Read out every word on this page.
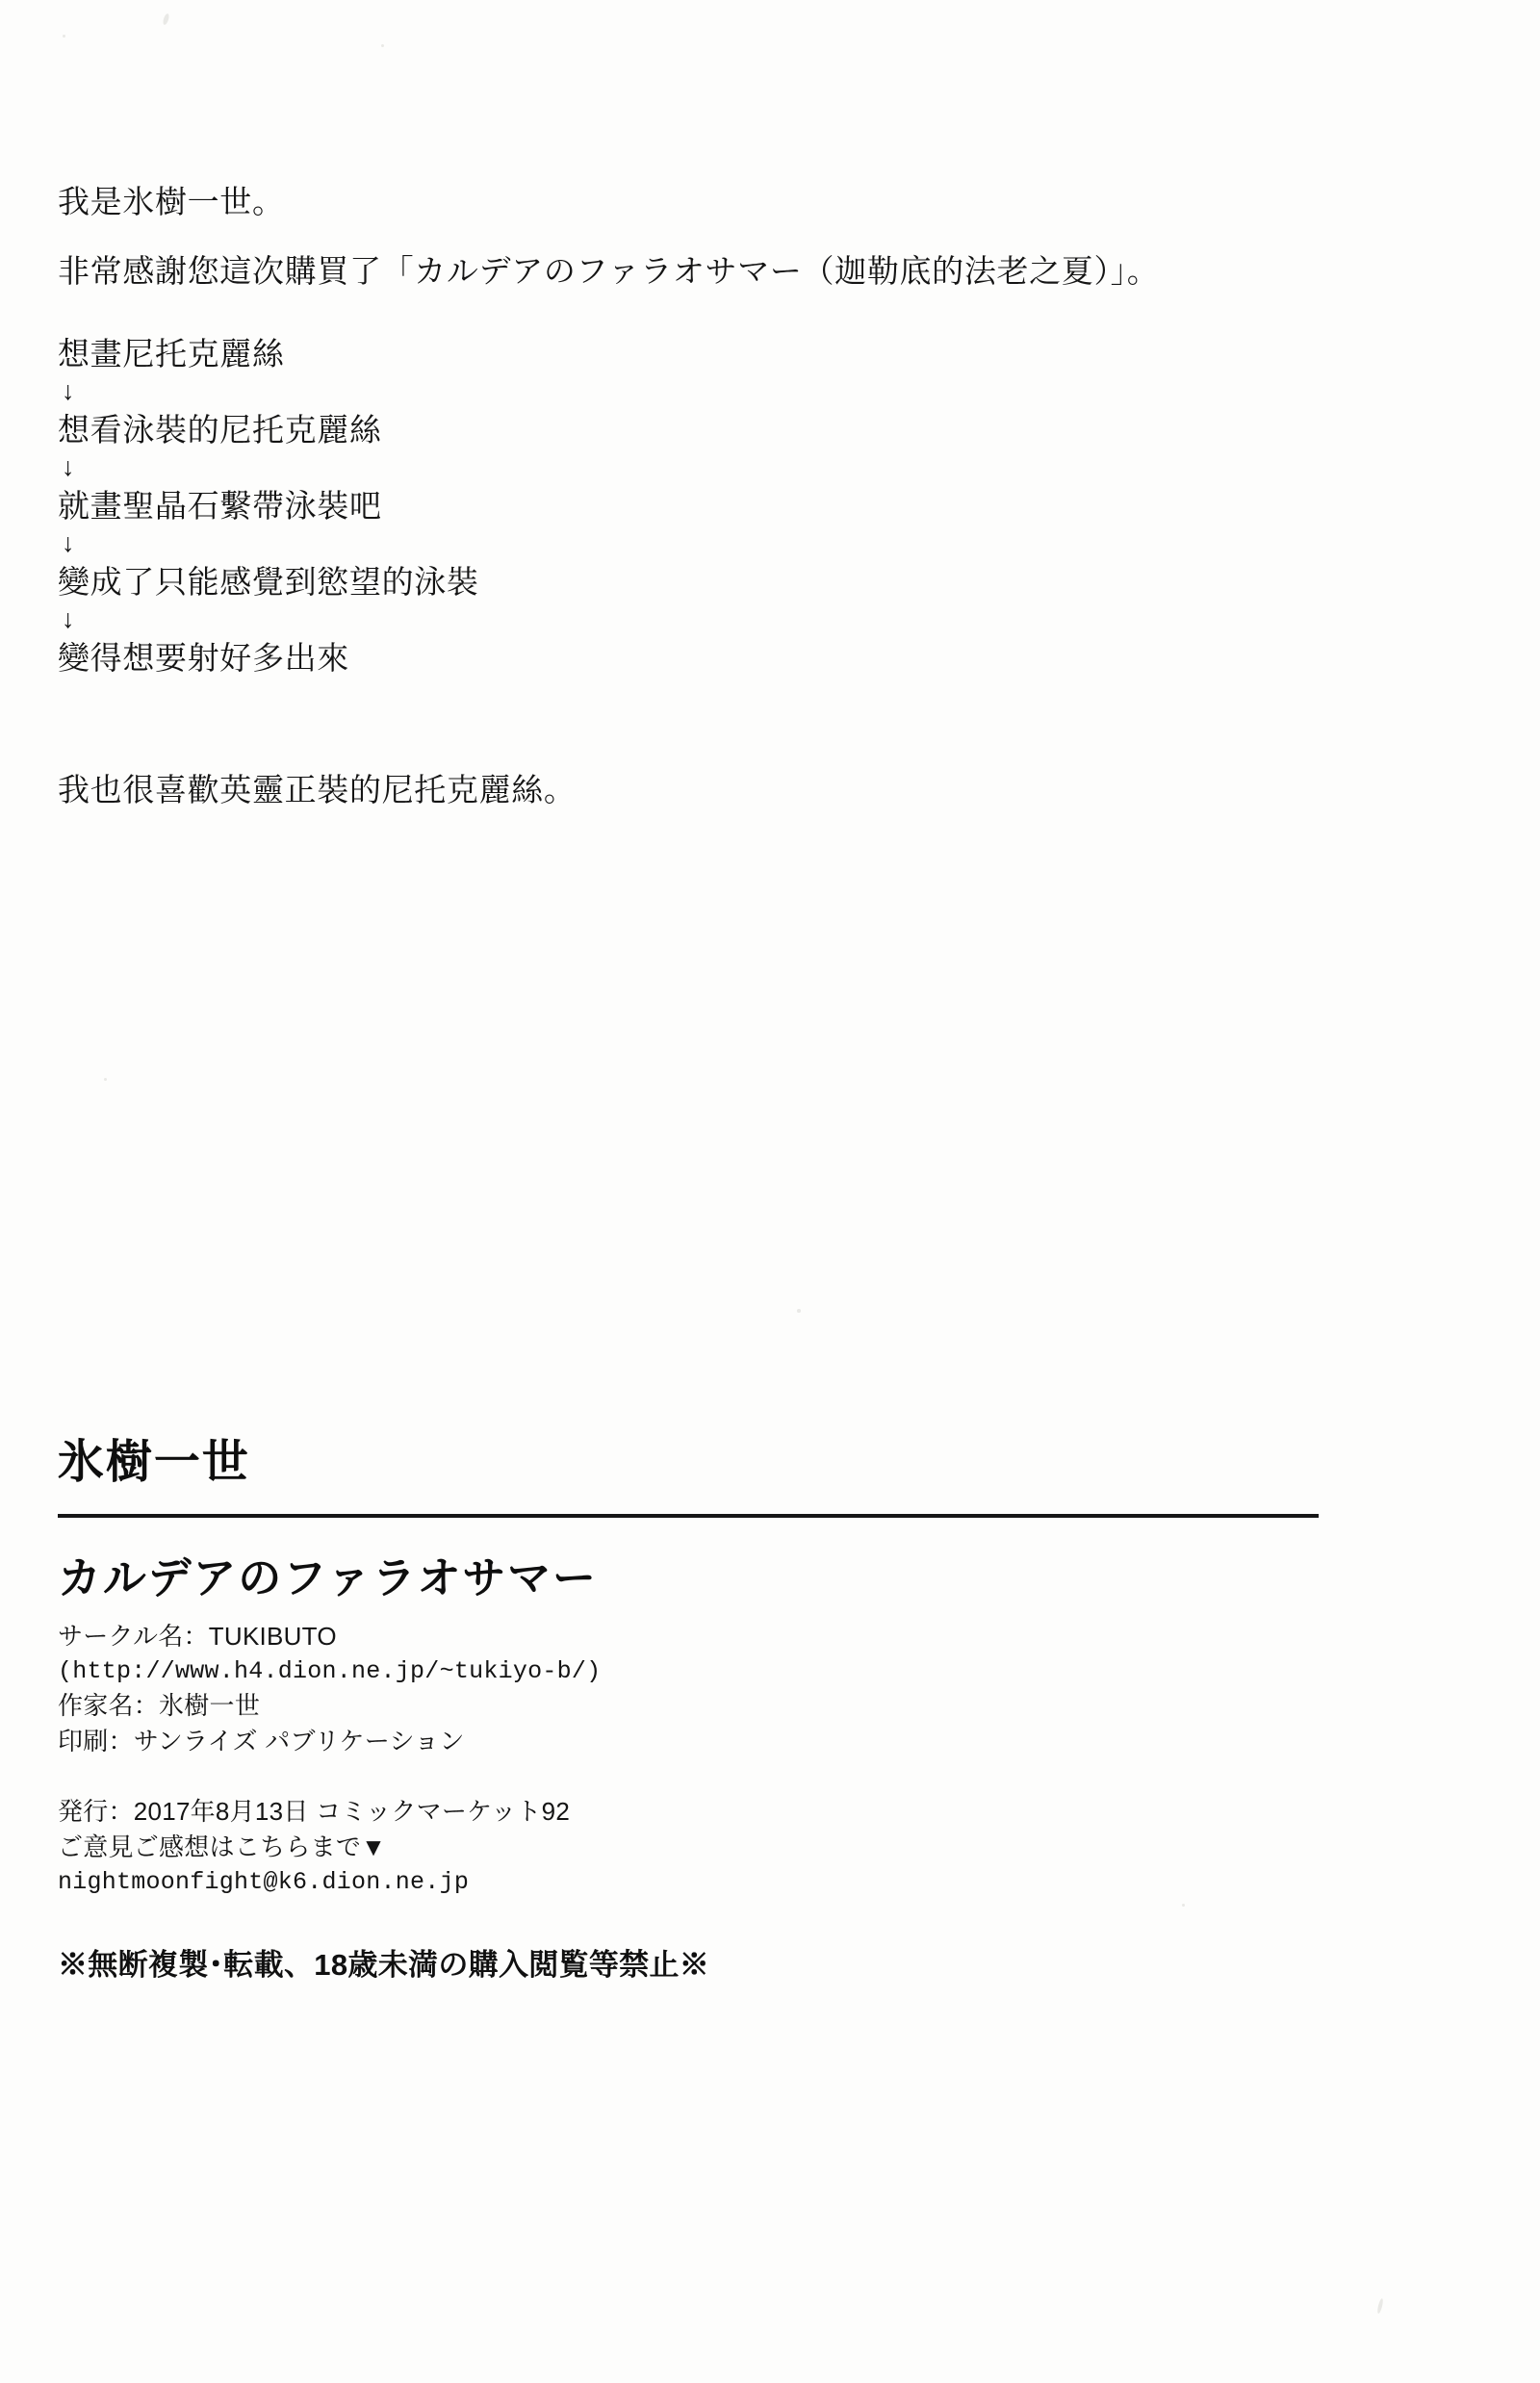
我是氷樹一世。

非常感謝您這次購買了「カルデアのファラオサマー（迦勒底的法老之夏）」。

想畫尼托克麗絲

↓

想看泳裝的尼托克麗絲

↓

就畫聖晶石繫帶泳裝吧

↓

變成了只能感覺到慾望的泳裝

↓

變得想要射好多出來

我也很喜歡英靈正裝的尼托克麗絲。

氷樹一世
カルデアのファラオサマー
サークル名：TUKIBUTO
(http://www.h4.dion.ne.jp/~tukiyo-b/)
作家名：氷樹一世
印刷：サンライズ パブリケーション
発行：2017年8月13日 コミックマーケット92
ご意見ご感想はこちらまで▼
nightmoonfight@k6.dion.ne.jp
※無断複製･転載、18歳未満の購入閲覧等禁止※
